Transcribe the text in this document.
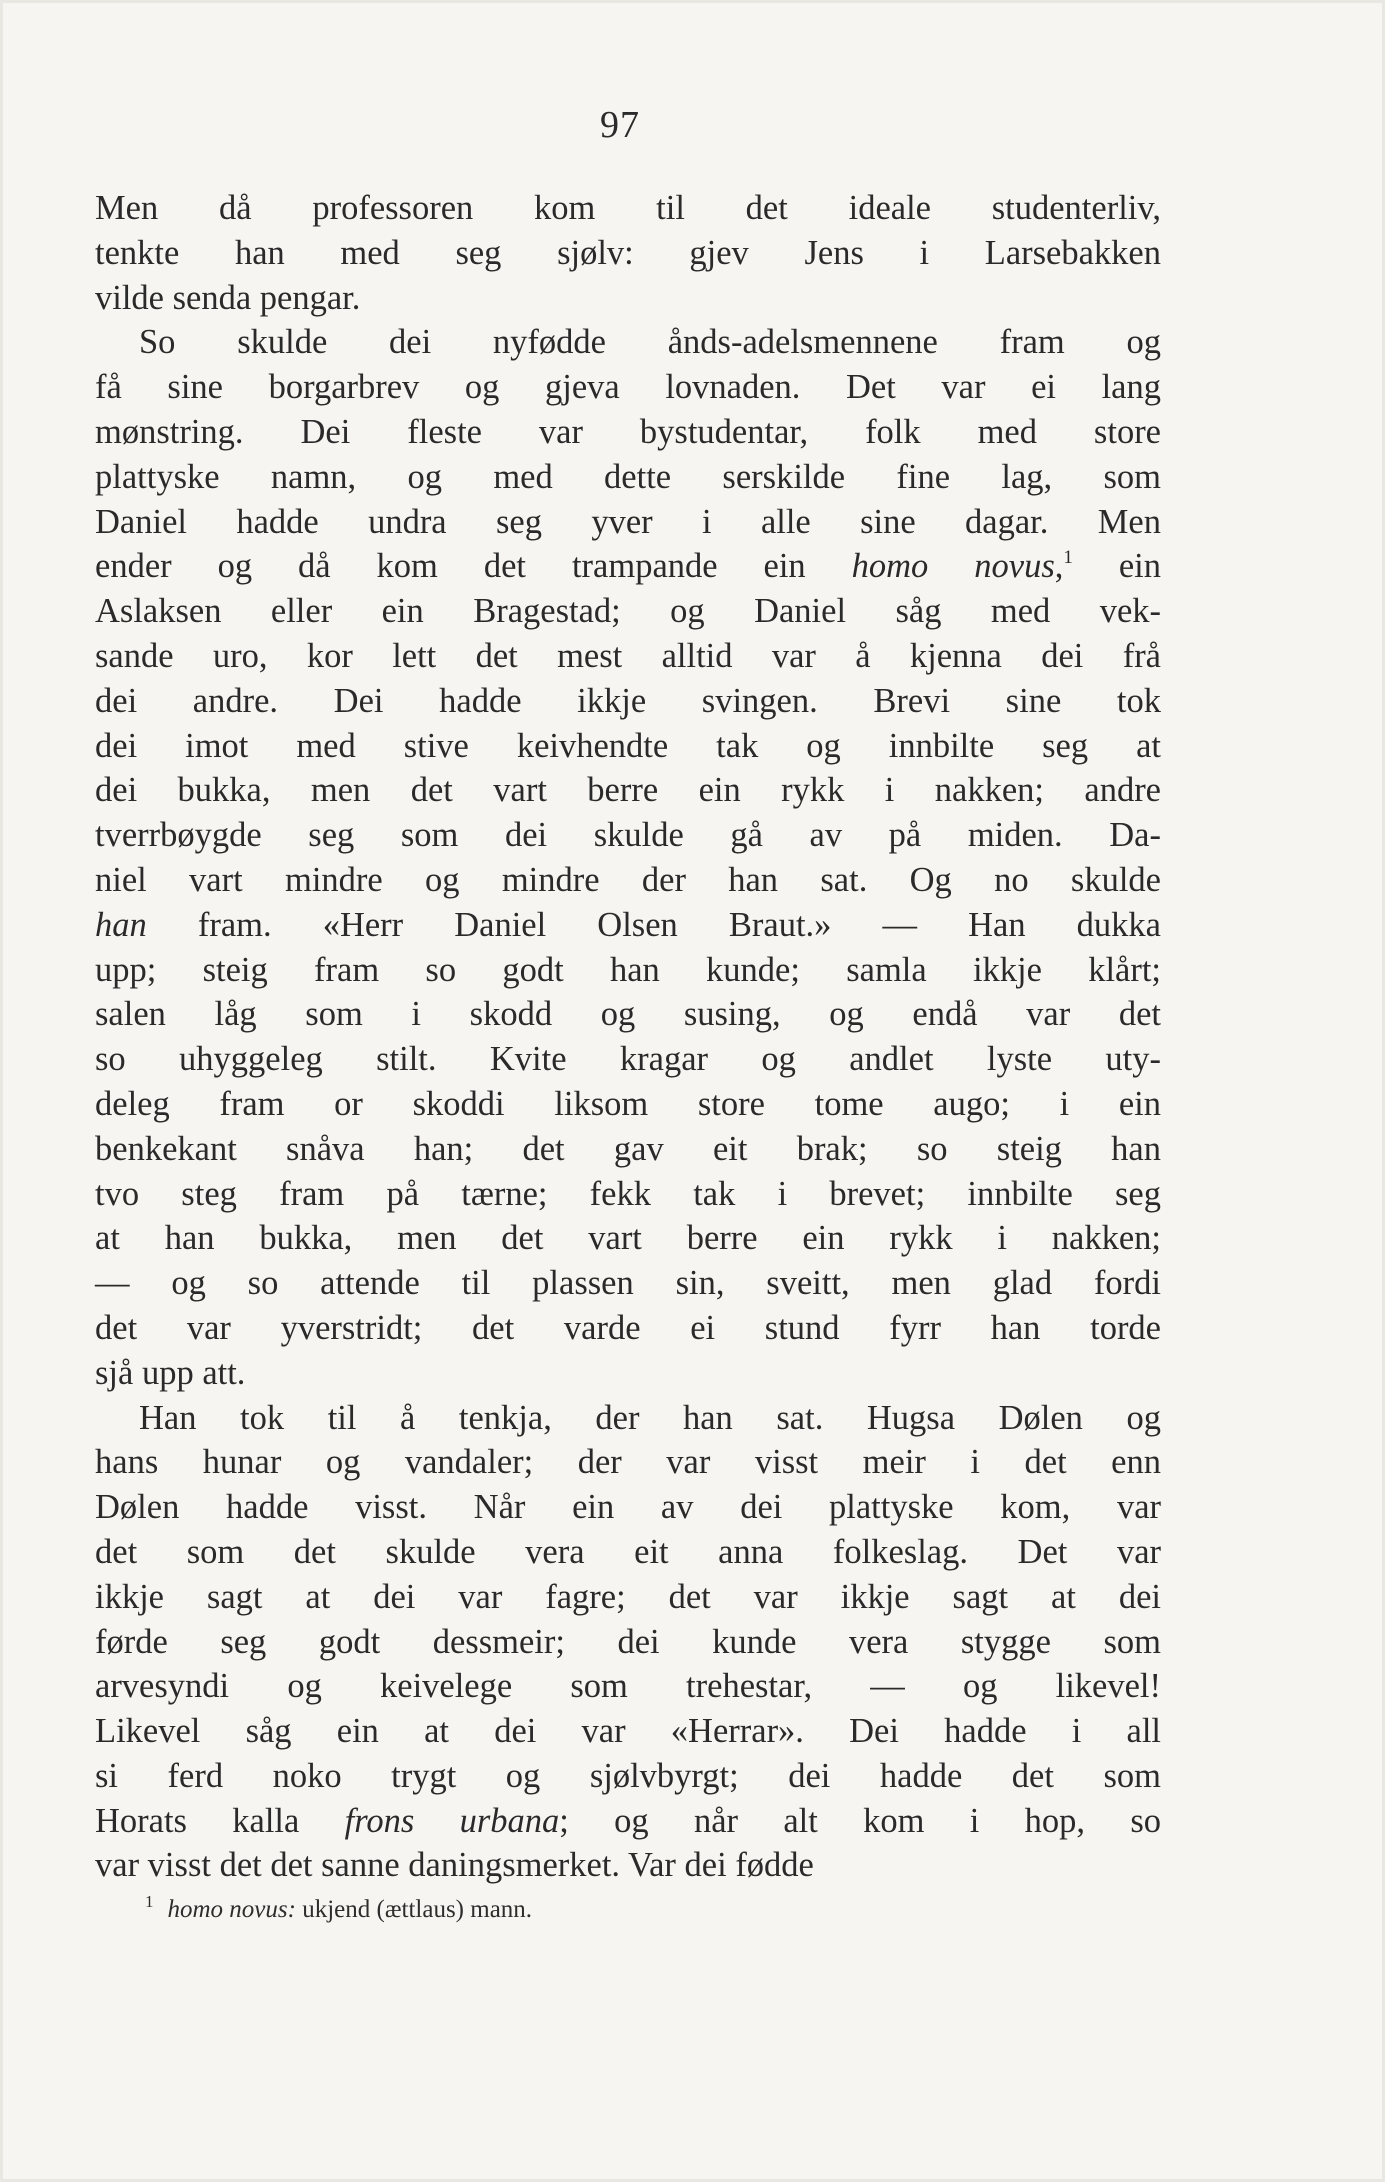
97
Men då professoren kom til det ideale studenterliv,
tenkte han med seg sjølv: gjev Jens i Larsebakken
vilde senda pengar.
So skulde dei nyfødde ånds-adelsmennene fram og
få sine borgarbrev og gjeva lovnaden. Det var ei lang
mønstring. Dei fleste var bystudentar, folk med store
plattyske namn, og med dette serskilde fine lag, som
Daniel hadde undra seg yver i alle sine dagar. Men
ender og då kom det trampande ein homo novus,$^1$ ein
Aslaksen eller ein Bragestad; og Daniel såg med vek-
sande uro, kor lett det mest alltid var å kjenna dei frå
dei andre. Dei hadde ikkje svingen. Brevi sine tok
dei imot med stive keivhendte tak og innbilte seg at
dei bukka, men det vart berre ein rykk i nakken; andre
tverrbøygde seg som dei skulde gå av på miden. Da-
niel vart mindre og mindre der han sat. Og no skulde
han fram. «Herr Daniel Olsen Braut.» — Han dukka
upp; steig fram so godt han kunde; samla ikkje klårt;
salen låg som i skodd og susing, og endå var det
so uhyggeleg stilt. Kvite kragar og andlet lyste uty-
deleg fram or skoddi liksom store tome augo; i ein
benkekant snåva han; det gav eit brak; so steig han
tvo steg fram på tærne; fekk tak i brevet; innbilte seg
at han bukka, men det vart berre ein rykk i nakken;
— og so attende til plassen sin, sveitt, men glad fordi
det var yverstridt; det varde ei stund fyrr han torde
sjå upp att.
Han tok til å tenkja, der han sat. Hugsa Dølen og
hans hunar og vandaler; der var visst meir i det enn
Dølen hadde visst. Når ein av dei plattyske kom, var
det som det skulde vera eit anna folkeslag. Det var
ikkje sagt at dei var fagre; det var ikkje sagt at dei
førde seg godt dessmeir; dei kunde vera stygge som
arvesyndi og keivelege som trehestar, — og likevel!
Likevel såg ein at dei var «Herrar». Dei hadde i all
si ferd noko trygt og sjølvbyrgt; dei hadde det som
Horats kalla frons urbana; og når alt kom i hop, so
var visst det det sanne daningsmerket. Var dei fødde
$^1$ homo novus: ukjend (ættlaus) mann.
